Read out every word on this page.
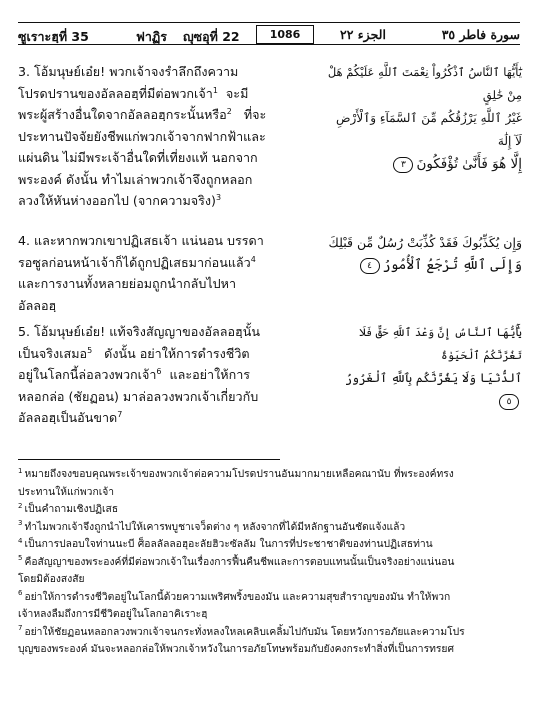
ซูเราะฮฺที่ 35	ฟาฏิร ญุซอุที่ 22	1086	الجزء ٢٢	سورة فاطر ٣٥

3. โอ้มนุษย์เอ๋ย! พวกเจ้าจงรำลึกถึงความ

โปรดปรานของอัลลอฮฺที่มีต่อพวกเจ้า$^1$ จะมี

พระผู้สร้างอื่นใดจากอัลลอฮฺกระนั้นหรือ$^2$ ที่จะ

ประทานปัจจัยยังชีพแก่พวกเจ้าจากฟากฟ้าและ

แผ่นดิน ไม่มีพระเจ้าอื่นใดที่เที่ยงแท้ นอกจาก

พระองค์ ดังนั้น ทำไมเล่าพวกเจ้าจึงถูกหลอก

ลวงให้หันห่างออกไป (จากความจริง)$^3$

يَٰٓأَيُّهَا ٱلنَّاسُ ٱذْكُرُواْ نِعْمَتَ ٱللَّهِ عَلَيْكُمْ هَلْ مِنْ خَٰلِقٍ
غَيْرُ ٱللَّهِ يَرْزُقُكُم مِّنَ ٱلسَّمَآءِ وَٱلْأَرْضِ لَآ إِلَٰهَ
إِلَّا هُوَ فَأَنَّىٰ تُؤْفَكُونَ٣

4. และหากพวกเขาปฏิเสธเจ้า แน่นอน บรรดา

รอซูลก่อนหน้าเจ้าก็ได้ถูกปฏิเสธมาก่อนแล้ว$^4$

และการงานทั้งหลายย่อมถูกนำกลับไปหา

อัลลอฮฺ

وَإِن يُكَذِّبُوكَ فَقَدْ كُذِّبَتْ رُسُلٌ مِّن قَبْلِكَ
وَإِلَى ٱللَّهِ تُرْجَعُ ٱلْأُمُورُ٤

5. โอ้มนุษย์เอ๋ย! แท้จริงสัญญาของอัลลอฮฺนั้น

เป็นจริงเสมอ$^5$ ดังนั้น อย่าให้การดำรงชีวิต

อยู่ในโลกนี้ล่อลวงพวกเจ้า$^6$ และอย่าให้การ

หลอกล่อ (ชัยฏอน) มาล่อลวงพวกเจ้าเกี่ยวกับ

อัลลอฮฺเป็นอันขาด$^7$

يَٰٓأَيُّهَا ٱلنَّاسُ إِنَّ وَعْدَ ٱللَّهِ حَقٌّ فَلَا تَغُرَّنَّكُمُ ٱلْحَيَوٰةُ
ٱلدُّنْيَا وَلَا يَغُرَّنَّكُم بِٱللَّهِ ٱلْغَرُورُ٥

$^1$ หมายถึงจงขอบคุณพระเจ้าของพวกเจ้าต่อความโปรดปรานอันมากมายเหลือคณานับ ที่พระองค์ทรง

ประทานให้แก่พวกเจ้า

$^2$ เป็นคำถามเชิงปฏิเสธ

$^3$ ทำไมพวกเจ้าจึงถูกนำไปให้เคารพบูชาเจว็ดต่าง ๆ หลังจากที่ได้มีหลักฐานอันชัดแจ้งแล้ว

$^4$ เป็นการปลอบใจท่านนะบี ศ็อลลัลลอฮุอะลัยฮิวะซัลลัม ในการที่ประชาชาติของท่านปฏิเสธท่าน

$^5$ คือสัญญาของพระองค์ที่มีต่อพวกเจ้าในเรื่องการฟื้นคืนชีพและการตอบแทนนั้นเป็นจริงอย่างแน่นอน

โดยมิต้องสงสัย

$^6$ อย่าให้การดำรงชีวิตอยู่ในโลกนี้ด้วยความเพริศพริ้งของมัน และความสุขสำราญของมัน ทำให้พวก

เจ้าหลงลืมถึงการมีชีวิตอยู่ในโลกอาคิเราะฮฺ

$^7$ อย่าให้ชัยฏอนหลอกลวงพวกเจ้าจนกระทั่งหลงใหลเคลิบเคลิ้มไปกับมัน โดยหวังการอภัยและความโปร

บุญของพระองค์ มันจะหลอกล่อให้พวกเจ้าหวังในการอภัยโทษพร้อมกับยังคงกระทำสิ่งที่เป็นการทรยศ
